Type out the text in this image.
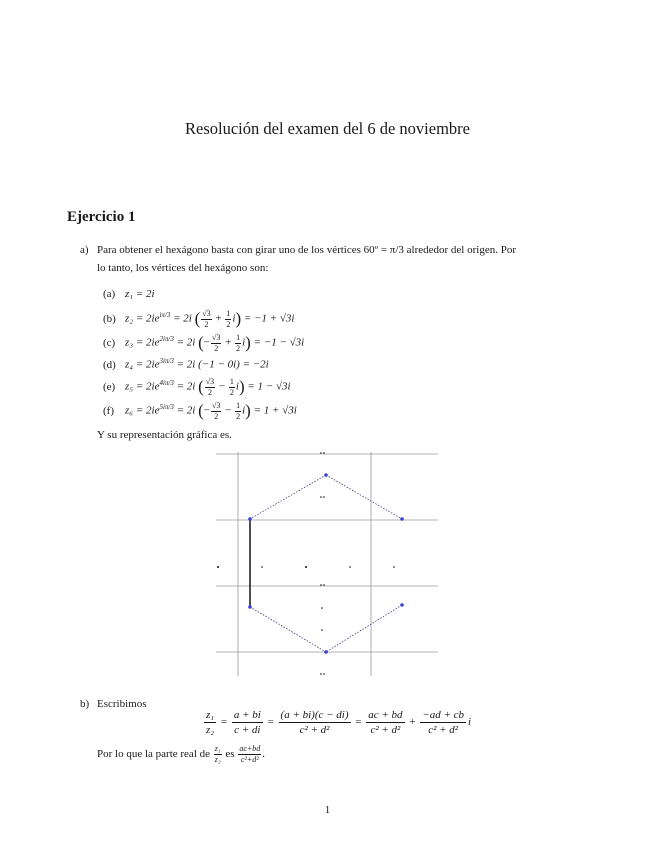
Resolución del examen del 6 de noviembre
Ejercicio 1
a) Para obtener el hexágono basta con girar uno de los vértices 60º = π/3 alrededor del origen. Por
lo tanto, los vértices del hexágono son:
(a) z₁ = 2i
(b) $z_2 = 2ie^{i\pi/3} = 2i$ ( $\frac{√3}{2} + \frac{1}{2} i) = -1 + √3i$
(c) $z_3 = 2ie^{2i\pi/3} = 2i$ (− $\frac{√3}{2} + \frac{1}{2} i) = -1 - √3i$
(d) $z_4 = 2ie^{3i\pi/3} = 2i$ (−1 − 0i) = −2i
(e) $z_5 = 2ie^{4i\pi/3} = 2i$ ( $\frac{√3}{2} - \frac{1}{2} i) = 1 - √3i$
(f) $z_6 = 2ie^{5i\pi/3} = 2i$ (− $\frac{√3}{2} - \frac{1}{2} i) = 1 + √3i$
Y su representación gráfica es.
b) Escribimos
$\frac{\text{z₁}}{\text{z₂}} = \frac{a + bi}{c + di} = \frac{(a + bi)(c - di)}{\text{c² + d²}} = \frac{ac + bd}{\text{c² + d²}} + \frac{-ad + cb}{\text{c² + d²}}$ i
Por lo que la parte real de $\frac{\text{z₁}}{\text{z₂}}$ es $\frac{ac+bd}{\text{c²+d²}}$ .
1
